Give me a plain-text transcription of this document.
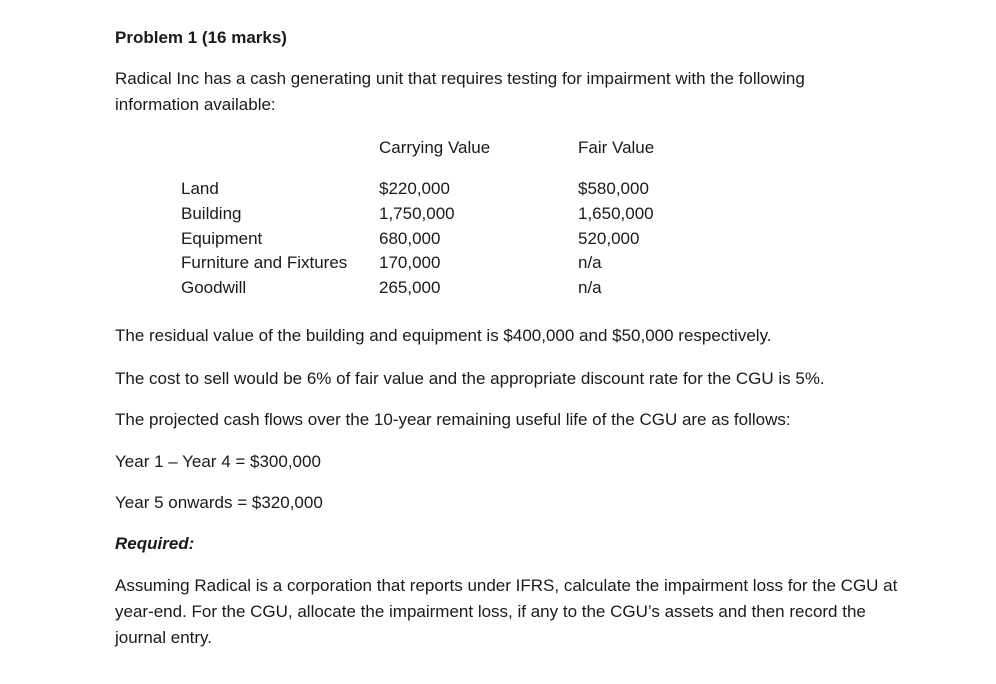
Problem 1 (16 marks)
Radical Inc has a cash generating unit that requires testing for impairment with the following
information available:
Carrying Value	Fair Value
Land	$220,000	$580,000
Building	1,750,000	1,650,000
Equipment	680,000	520,000
Furniture and Fixtures 170,000	n/a
Goodwill	265,000	n/a
The residual value of the building and equipment is $400,000 and $50,000 respectively.
The cost to sell would be 6% of fair value and the appropriate discount rate for the CGU is 5%.
The projected cash flows over the 10-year remaining useful life of the CGU are as follows:
Year 1 – Year 4 = $300,000
Year 5 onwards = $320,000
Required:
Assuming Radical is a corporation that reports under IFRS, calculate the impairment loss for the CGU at
year-end. For the CGU, allocate the impairment loss, if any to the CGU’s assets and then record the
journal entry.
